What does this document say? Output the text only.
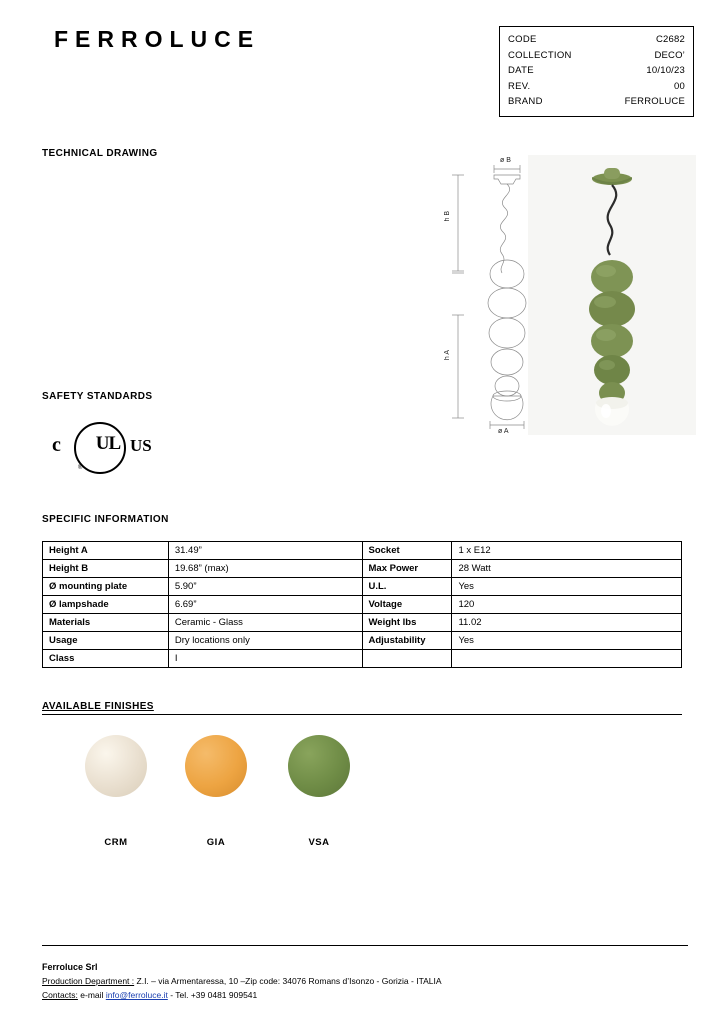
FERROLUCE	CODE	C2682
COLLECTION	DECO’
DATE	10/10/23
REV.	00
BRAND	FERROLUCE
TECHNICAL DRAWING
SAFETY STANDARDS
SPECIFIC INFORMATION
AVAILABLE FINISHES
ø B
h B
h A
ø A
c	UL
®
US
Height A	31.49”	Socket	1 x E12
Height B	19.68” (max)	Max Power	28 Watt
Ø mounting plate	5.90”	U.L.	Yes
Ø lampshade	6.69”	Voltage	120
Materials	Ceramic - Glass	Weight lbs	11.02
Usage	Dry locations only	Adjustability	Yes
Class	I		
CRM	GIA	VSA
Ferroluce Srl
Production Department : Z.I. – via Armentaressa, 10 –Zip code: 34076 Romans d’Isonzo - Gorizia - ITALIA
Contacts: e-mail info@ferroluce.it - Tel. +39 0481 909541
